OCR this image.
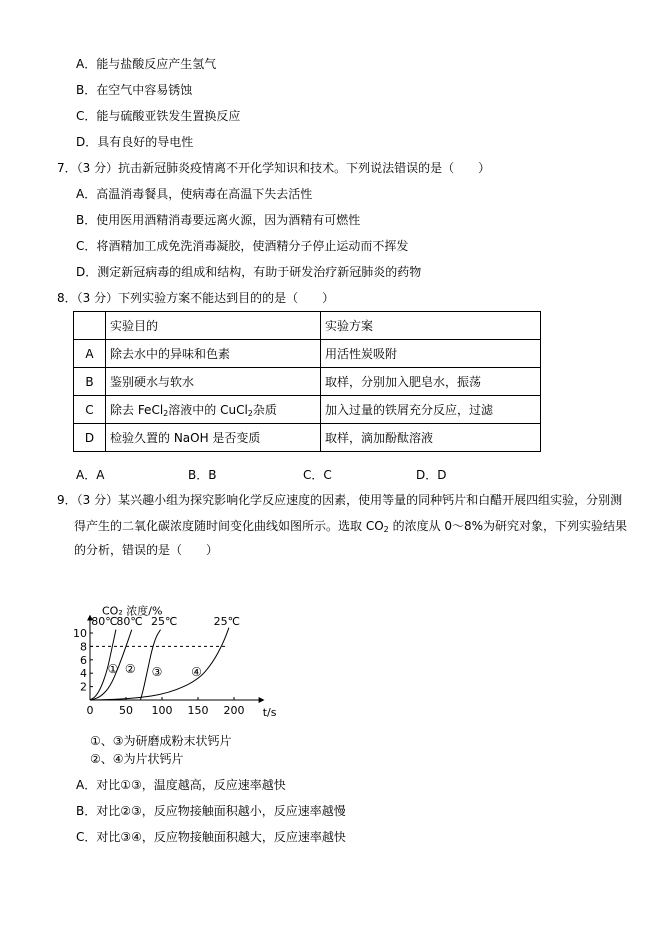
A．能与盐酸反应产生氢气
B．在空气中容易锈蚀
C．能与硫酸亚铁发生置换反应
D．具有良好的导电性
7．（3 分）抗击新冠肺炎疫情离不开化学知识和技术。下列说法错误的是（　　）
A．高温消毒餐具，使病毒在高温下失去活性
B．使用医用酒精消毒要远离火源，因为酒精有可燃性
C．将酒精加工成免洗消毒凝胶，使酒精分子停止运动而不挥发
D．测定新冠病毒的组成和结构，有助于研发治疗新冠肺炎的药物
8．（3 分）下列实验方案不能达到目的的是（　　）
	实验目的	实验方案
A	除去水中的异味和色素	用活性炭吸附
B	鉴别硬水与软水	取样，分别加入肥皂水，振荡
C	除去 FeCl$_2$溶液中的 CuCl$_2$杂质	加入过量的铁屑充分反应，过滤
D	检验久置的 NaOH 是否变质	取样，滴加酚酞溶液
A．A	B．B	C．C	D．D
9．（3 分）某兴趣小组为探究影响化学反应速度的因素，使用等量的同种钙片和白醋开展四组实验，分别测
得产生的二氧化碳浓度随时间变化曲线如图所示。选取 $CO_2$ 的浓度从 0～8%为研究对象，下列实验结果
的分析，错误的是（　　）
CO₂ 浓度/%
t/s
0 50 100 150 200
2
4
6
8
10
①
80℃
②
80℃
③
25℃
④
25℃
①、③为研磨成粉末状钙片
②、④为片状钙片
A．对比①③，温度越高，反应速率越快
B．对比②③，反应物接触面积越小，反应速率越慢
C．对比③④，反应物接触面积越大，反应速率越快
